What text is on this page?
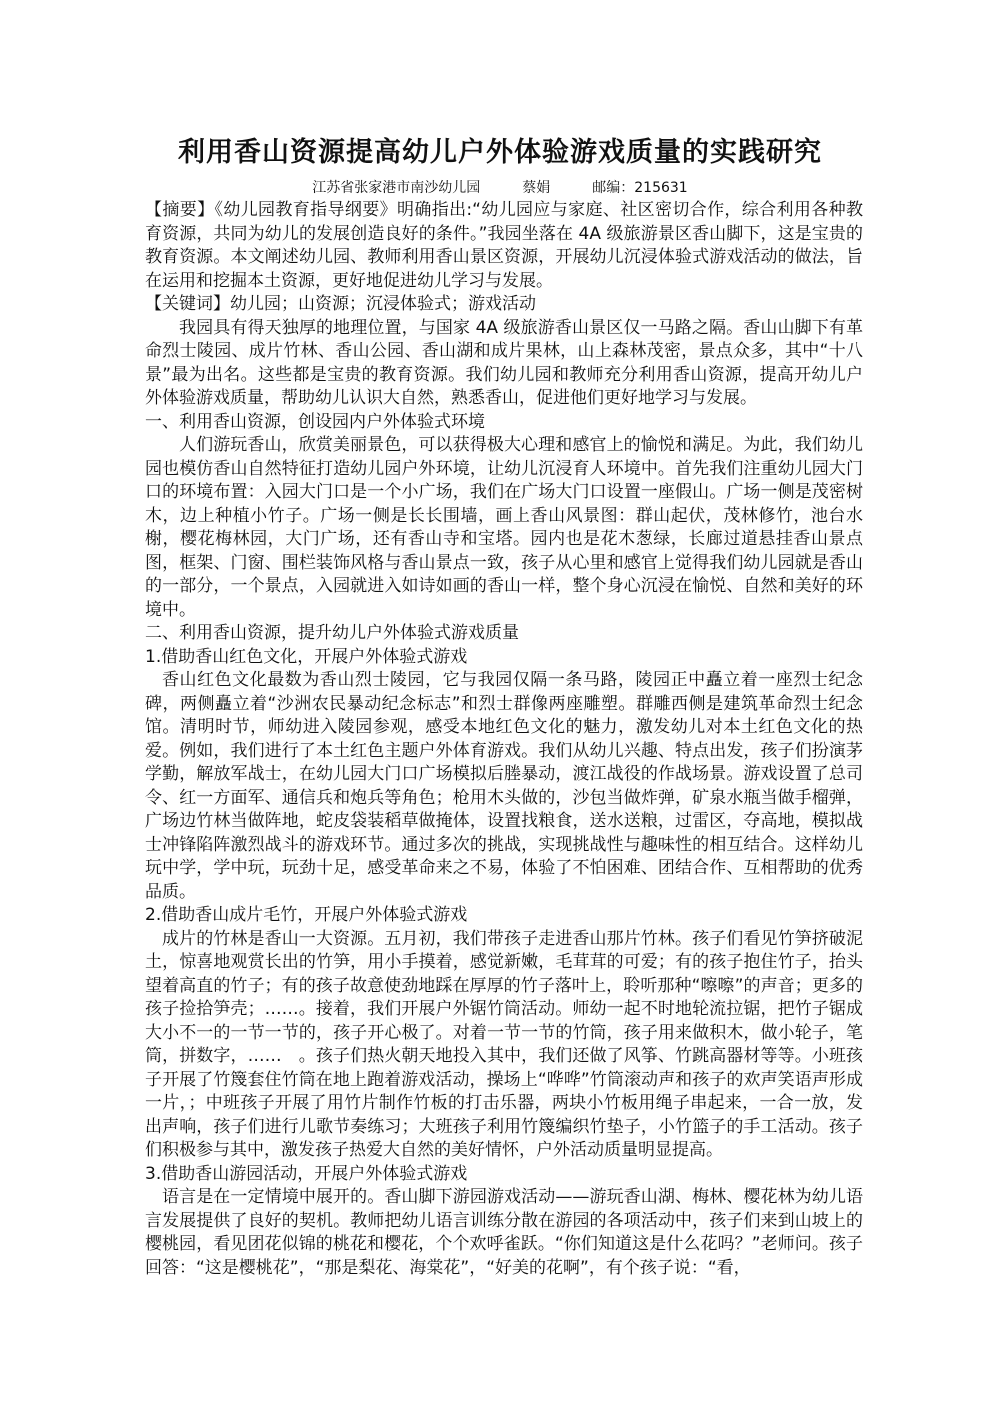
利用香山资源提高幼儿户外体验游戏质量的实践研究
江苏省张家港市南沙幼儿园　　　蔡娟　　　邮编：215631

【摘要】《幼儿园教育指导纲要》明确指出:“幼儿园应与家庭、社区密切合作，综合利用各种教育资源，共同为幼儿的发展创造良好的条件。”我园坐落在 4A 级旅游景区香山脚下，这是宝贵的教育资源。本文阐述幼儿园、教师利用香山景区资源，开展幼儿沉浸体验式游戏活动的做法，旨在运用和挖掘本土资源，更好地促进幼儿学习与发展。

【关键词】幼儿园；山资源；沉浸体验式；游戏活动

我园具有得天独厚的地理位置，与国家 4A 级旅游香山景区仅一马路之隔。香山山脚下有革命烈士陵园、成片竹林、香山公园、香山湖和成片果林，山上森林茂密，景点众多，其中“十八景”最为出名。这些都是宝贵的教育资源。我们幼儿园和教师充分利用香山资源，提高开幼儿户外体验游戏质量，帮助幼儿认识大自然，熟悉香山，促进他们更好地学习与发展。

一、利用香山资源，创设园内户外体验式环境

人们游玩香山，欣赏美丽景色，可以获得极大心理和感官上的愉悦和满足。为此，我们幼儿园也模仿香山自然特征打造幼儿园户外环境，让幼儿沉浸育人环境中。首先我们注重幼儿园大门口的环境布置：入园大门口是一个小广场，我们在广场大门口设置一座假山。广场一侧是茂密树木，边上种植小竹子。广场一侧是长长围墙，画上香山风景图：群山起伏，茂林修竹，池台水榭，樱花梅林园，大门广场，还有香山寺和宝塔。园内也是花木葱绿，长廊过道悬挂香山景点图，框架、门窗、围栏装饰风格与香山景点一致，孩子从心里和感官上觉得我们幼儿园就是香山的一部分，一个景点，入园就进入如诗如画的香山一样，整个身心沉浸在愉悦、自然和美好的环境中。

二、利用香山资源，提升幼儿户外体验式游戏质量

1.借助香山红色文化，开展户外体验式游戏

香山红色文化最数为香山烈士陵园，它与我园仅隔一条马路，陵园正中矗立着一座烈士纪念碑，两侧矗立着“沙洲农民暴动纪念标志”和烈士群像两座雕塑。群雕西侧是建筑革命烈士纪念馆。清明时节，师幼进入陵园参观，感受本地红色文化的魅力，激发幼儿对本土红色文化的热爱。例如，我们进行了本土红色主题户外体育游戏。我们从幼儿兴趣、特点出发，孩子们扮演茅学勤，解放军战士，在幼儿园大门口广场模拟后塍暴动，渡江战役的作战场景。游戏设置了总司令、红一方面军、通信兵和炮兵等角色；枪用木头做的，沙包当做炸弹，矿泉水瓶当做手榴弹，广场边竹林当做阵地，蛇皮袋装稻草做掩体，设置找粮食，送水送粮，过雷区，夺高地，模拟战士冲锋陷阵激烈战斗的游戏环节。通过多次的挑战，实现挑战性与趣味性的相互结合。这样幼儿玩中学，学中玩，玩劲十足，感受革命来之不易，体验了不怕困难、团结合作、互相帮助的优秀品质。

2.借助香山成片毛竹，开展户外体验式游戏

成片的竹林是香山一大资源。五月初，我们带孩子走进香山那片竹林。孩子们看见竹笋挤破泥土，惊喜地观赏长出的竹笋，用小手摸着，感觉新嫩，毛茸茸的可爱；有的孩子抱住竹子，抬头望着高直的竹子；有的孩子故意使劲地踩在厚厚的竹子落叶上，聆听那种“嚓嚓”的声音；更多的孩子捡拾笋壳；……。接着，我们开展户外锯竹筒活动。师幼一起不时地轮流拉锯，把竹子锯成大小不一的一节一节的，孩子开心极了。对着一节一节的竹筒，孩子用来做积木，做小轮子，笔筒，拼数字，……　。孩子们热火朝天地投入其中，我们还做了风筝、竹跳高器材等等。小班孩子开展了竹篾套住竹筒在地上跑着游戏活动，操场上“哗哗”竹筒滚动声和孩子的欢声笑语声形成一片，；中班孩子开展了用竹片制作竹板的打击乐器，两块小竹板用绳子串起来，一合一放，发出声响，孩子们进行儿歌节奏练习；大班孩子利用竹篾编织竹垫子，小竹篮子的手工活动。孩子们积极参与其中，激发孩子热爱大自然的美好情怀，户外活动质量明显提高。

3.借助香山游园活动，开展户外体验式游戏

语言是在一定情境中展开的。香山脚下游园游戏活动——游玩香山湖、梅林、樱花林为幼儿语言发展提供了良好的契机。教师把幼儿语言训练分散在游园的各项活动中，孩子们来到山坡上的樱桃园，看见团花似锦的桃花和樱花，个个欢呼雀跃。“你们知道这是什么花吗？”老师问。孩子回答：“这是樱桃花”，“那是梨花、海棠花”，“好美的花啊”，有个孩子说：“看，
